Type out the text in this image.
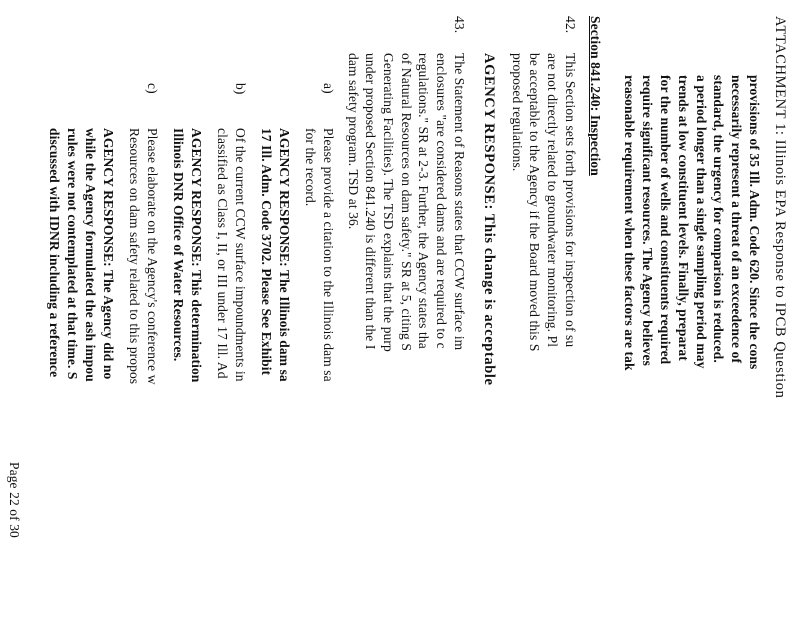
ATTACHMENT 1: Illinois EPA Response to IPCB Question
provisions of 35 Ill. Adm. Code 620. Since the cons
necessarily represent a threat of an exceedence of
standard, the urgency for comparison is reduced.
a period longer than a single sampling period may
trends at low constituent levels. Finally, preparat
for the number of wells and constituents required
require significant resources. The Agency believes
reasonable requirement when these factors are tak
Section 841.240: Inspection
42.
This Section sets forth provisions for inspection of su
are not directly related to groundwater monitoring. Pl
be acceptable to the Agency if the Board moved this S
proposed regulations.
AGENCY RESPONSE: This change is acceptable
43.
The Statement of Reasons states that CCW surface im
enclosures "are considered dams and are required to c
regulations." SR at 2-3. Further, the Agency states tha
of Natural Resources on dam safety." SR at 5, citing S
Generating Facilities). The TSD explains that the purp
under proposed Section 841.240 is different than the I
dam safety program. TSD at 36.
a)
Please provide a citation to the Illinois dam sa
for the record.
AGENCY RESPONSE: The Illinois dam sa
17 Ill. Adm. Code 3702. Please See Exhibit
b)
Of the current CCW surface impoundments in
classified as Class I, II, or III under 17 Ill. Ad
AGENCY RESPONSE: This determination
Illinois DNR Office of Water Resources.
c)
Please elaborate on the Agency's conference w
Resources on dam safety related to this propos
AGENCY RESPONSE: The Agency did no
while the Agency formulated the ash impou
rules were not contemplated at that time. S
discussed with IDNR including a reference
Page 22 of 30
